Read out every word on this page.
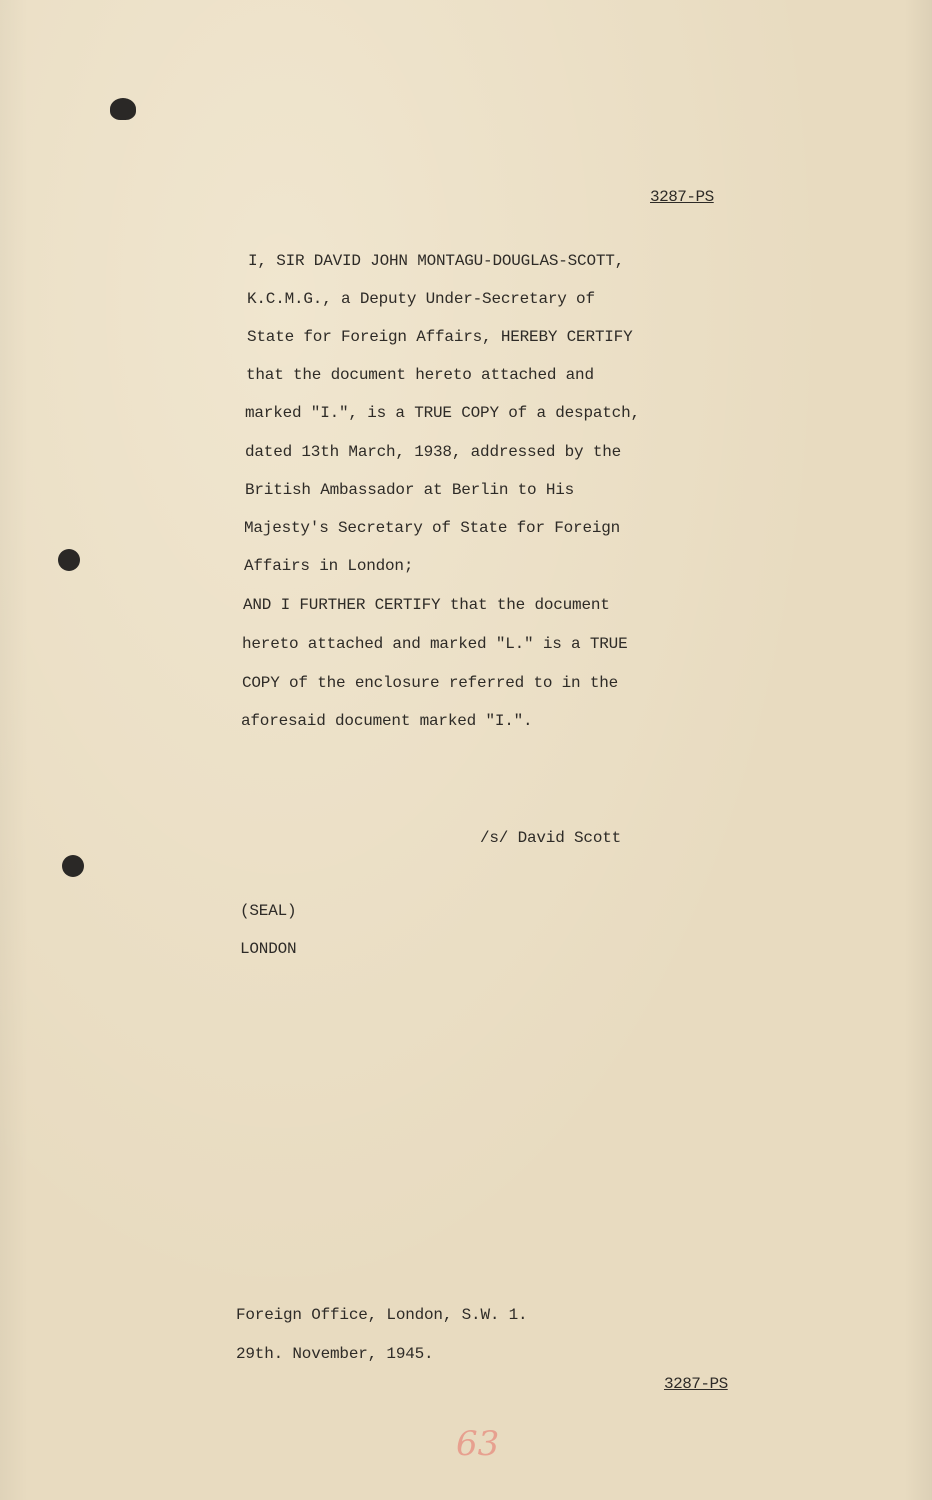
3287-PS
I, SIR DAVID JOHN MONTAGU-DOUGLAS-SCOTT,
K.C.M.G., a Deputy Under-Secretary of
State for Foreign Affairs, HEREBY CERTIFY
that the document hereto attached and
marked "I.", is a TRUE COPY of a despatch,
dated 13th March, 1938, addressed by the
British Ambassador at Berlin to His
Majesty's Secretary of State for Foreign
Affairs in London;
AND I FURTHER CERTIFY that the document
hereto attached and marked "L." is a TRUE
COPY of the enclosure referred to in the
aforesaid document marked "I.".
/s/ David Scott
(SEAL)
LONDON
Foreign Office, London, S.W. 1.
29th. November, 1945.
3287-PS
63
